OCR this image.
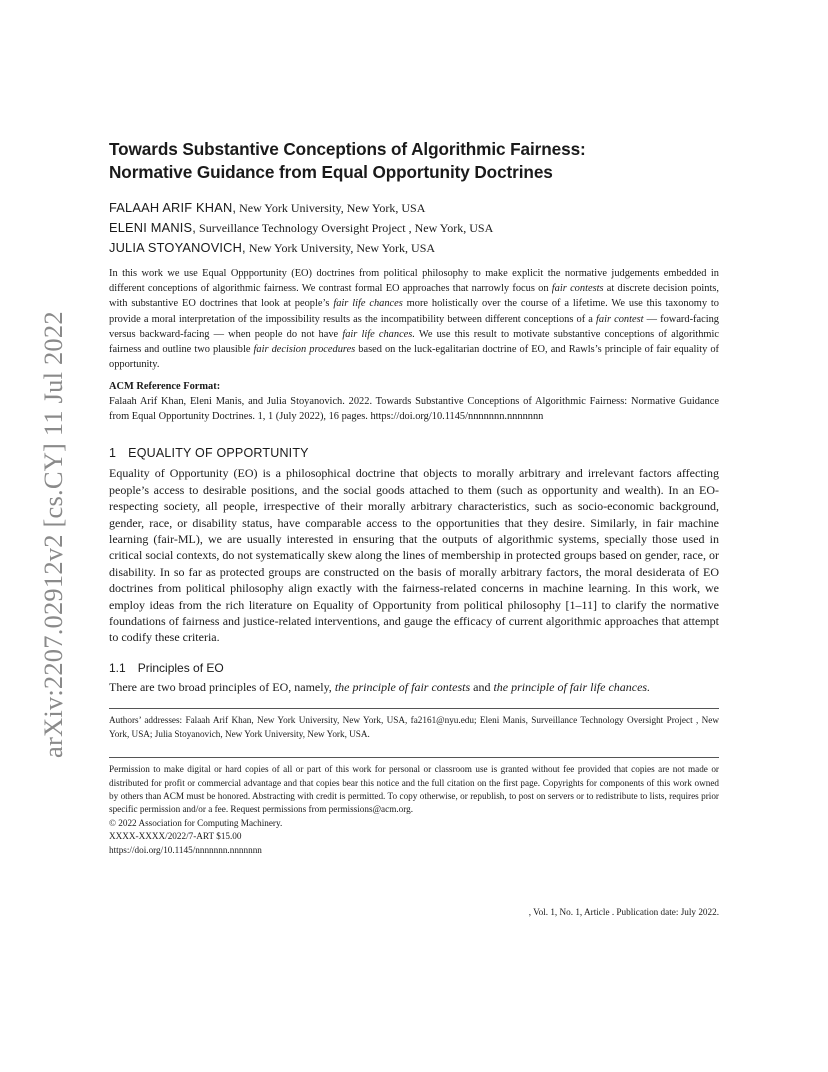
arXiv:2207.02912v2 [cs.CY] 11 Jul 2022
Towards Substantive Conceptions of Algorithmic Fairness:
Normative Guidance from Equal Opportunity Doctrines
FALAAH ARIF KHAN, New York University, New York, USA
ELENI MANIS, Surveillance Technology Oversight Project , New York, USA
JULIA STOYANOVICH, New York University, New York, USA
In this work we use Equal Oppportunity (EO) doctrines from political philosophy to make explicit the normative judgements embedded in different conceptions of algorithmic fairness. We contrast formal EO approaches that narrowly focus on fair contests at discrete decision points, with substantive EO doctrines that look at people’s fair life chances more holistically over the course of a lifetime. We use this taxonomy to provide a moral interpretation of the impossibility results as the incompatibility between different conceptions of a fair contest — foward-facing versus backward-facing — when people do not have fair life chances. We use this result to motivate substantive conceptions of algorithmic fairness and outline two plausible fair decision procedures based on the luck-egalitarian doctrine of EO, and Rawls’s principle of fair equality of opportunity.
ACM Reference Format:
Falaah Arif Khan, Eleni Manis, and Julia Stoyanovich. 2022. Towards Substantive Conceptions of Algorithmic Fairness: Normative Guidance from Equal Opportunity Doctrines. 1, 1 (July 2022), 16 pages. https://doi.org/10.1145/nnnnnnn.nnnnnnn
1 EQUALITY OF OPPORTUNITY
Equality of Opportunity (EO) is a philosophical doctrine that objects to morally arbitrary and irrelevant factors affecting people’s access to desirable positions, and the social goods attached to them (such as opportunity and wealth). In an EO-respecting society, all people, irrespective of their morally arbitrary characteristics, such as socio-economic background, gender, race, or disability status, have comparable access to the opportunities that they desire. Similarly, in fair machine learning (fair-ML), we are usually interested in ensuring that the outputs of algorithmic systems, specially those used in critical social contexts, do not systematically skew along the lines of membership in protected groups based on gender, race, or disability. In so far as protected groups are constructed on the basis of morally arbitrary factors, the moral desiderata of EO doctrines from political philosophy align exactly with the fairness-related concerns in machine learning. In this work, we employ ideas from the rich literature on Equality of Opportunity from political philosophy [1–11] to clarify the normative foundations of fairness and justice-related interventions, and gauge the efficacy of current algorithmic approaches that attempt to codify these criteria.
1.1 Principles of EO
There are two broad principles of EO, namely, the principle of fair contests and the principle of fair life chances.
Authors’ addresses: Falaah Arif Khan, New York University, New York, USA, fa2161@nyu.edu; Eleni Manis, Surveillance Technology Oversight Project , New York, USA; Julia Stoyanovich, New York University, New York, USA.
Permission to make digital or hard copies of all or part of this work for personal or classroom use is granted without fee provided that copies are not made or distributed for profit or commercial advantage and that copies bear this notice and the full citation on the first page. Copyrights for components of this work owned by others than ACM must be honored. Abstracting with credit is permitted. To copy otherwise, or republish, to post on servers or to redistribute to lists, requires prior specific permission and/or a fee. Request permissions from permissions@acm.org.
© 2022 Association for Computing Machinery.
XXXX-XXXX/2022/7-ART $15.00
https://doi.org/10.1145/nnnnnnn.nnnnnnn
, Vol. 1, No. 1, Article . Publication date: July 2022.
